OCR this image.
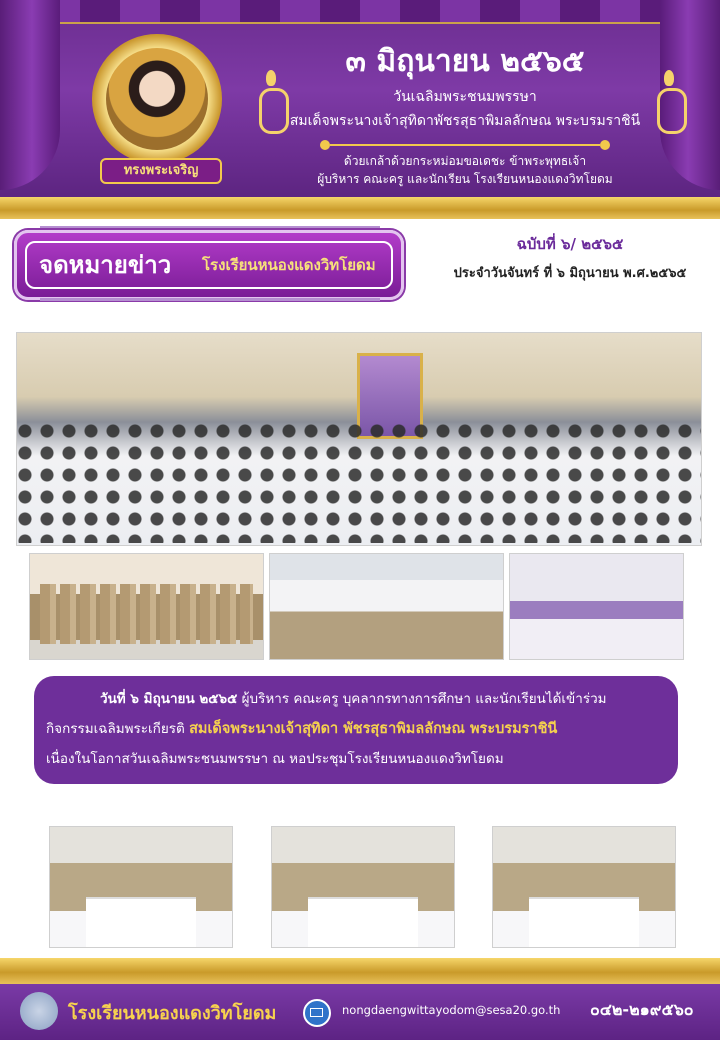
ทรงพระเจริญ
๓ มิถุนายน ๒๕๖๕
วันเฉลิมพระชนมพรรษา
สมเด็จพระนางเจ้าสุทิดาพัชรสุธาพิมลลักษณ พระบรมราชินี
ด้วยเกล้าด้วยกระหม่อมขอเดชะ ข้าพระพุทธเจ้า
ผู้บริหาร คณะครู และนักเรียน โรงเรียนหนองแดงวิทโยดม
จดหมายข่าว โรงเรียนหนองแดงวิทโยดม
ฉบับที่ ๖/ ๒๕๖๕
ประจำวันจันทร์ ที่ ๖ มิถุนายน พ.ศ.๒๕๖๕
วันที่ ๖ มิถุนายน ๒๕๖๕ ผู้บริหาร คณะครู บุคลากรทางการศึกษา และนักเรียนได้เข้าร่วม
กิจกรรมเฉลิมพระเกียรติ สมเด็จพระนางเจ้าสุทิดา พัชรสุธาพิมลลักษณ พระบรมราชินี
เนื่องในโอกาสวันเฉลิมพระชนมพรรษา ณ หอประชุมโรงเรียนหนองแดงวิทโยดม
โรงเรียนหนองแดงวิทโยดม	nongdaengwittayodom@sesa20.go.th ๐๔๒-๒๑๙๕๖๐
